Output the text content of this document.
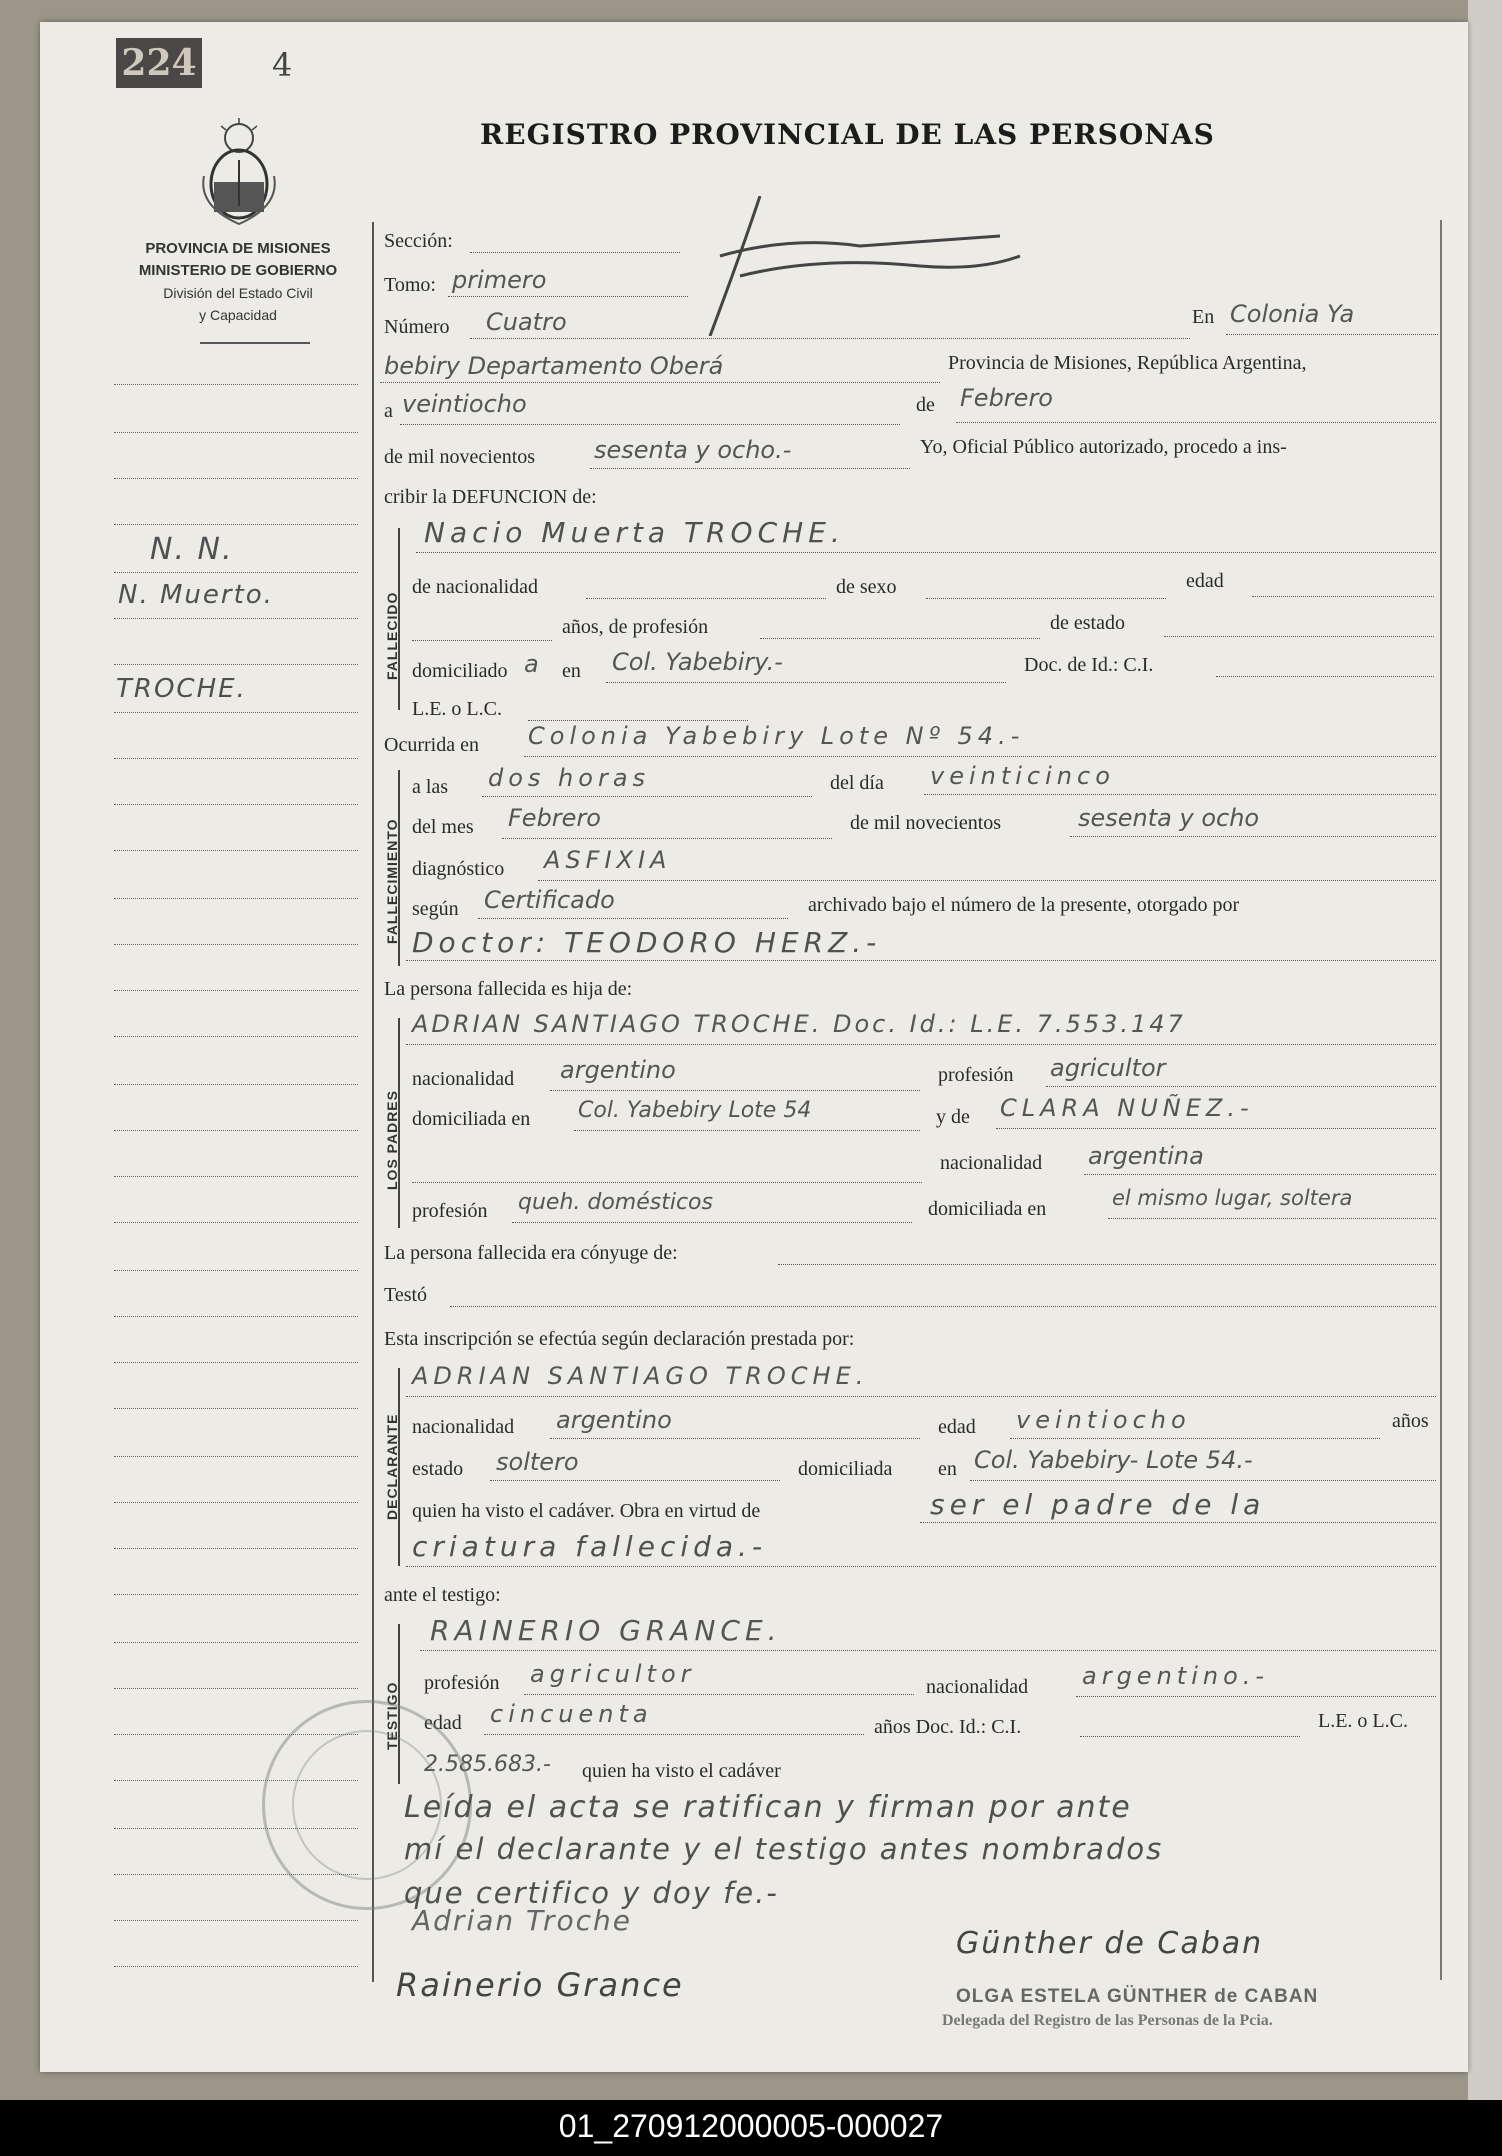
224 4
REGISTRO PROVINCIAL DE LAS PERSONAS
PROVINCIA DE MISIONES
MINISTERIO DE GOBIERNO
División del Estado Civil
y Capacidad
N. N.
N. Muerto.
TROCHE.
Sección:
Tomo: primero
Número Cuatro	En Colonia Ya
bebiry Departamento Oberá	Provincia de Misiones, República Argentina,
a veintiocho	de Febrero
de mil novecientos sesenta y ocho.-	Yo, Oficial Público autorizado, procedo a ins-
cribir la DEFUNCION de:
FALLECIDO
Nacio Muerta TROCHE.
de nacionalidad	de sexo	edad
años, de profesión	de estado
domiciliado a en Col. Yabebiry.-	Doc. de Id.: C.I.
L.E. o L.C.
Ocurrida en Colonia Yabebiry Lote Nº 54.-
FALLECIMIENTO
a las dos horas	del día veinticinco
del mes Febrero	de mil novecientos	sesenta y ocho
diagnóstico ASFIXIA
según Certificado	archivado bajo el número de la presente, otorgado por
Doctor: TEODORO HERZ.-
La persona fallecida es hija de:
LOS PADRES
ADRIAN SANTIAGO TROCHE. Doc. Id.: L.E. 7.553.147
nacionalidad argentino	profesión agricultor
domiciliada en Col. Yabebiry Lote 54	y de CLARA NUÑEZ.-
nacionalidad argentina
profesión queh. domésticos	domiciliada en	el mismo lugar, soltera
La persona fallecida era cónyuge de:
Testó
Esta inscripción se efectúa según declaración prestada por:
DECLARANTE
ADRIAN SANTIAGO TROCHE.
nacionalidad argentino	edad veintiocho	años
estado soltero	domiciliada en Col. Yabebiry- Lote 54.-
quien ha visto el cadáver. Obra en virtud de	ser el padre de la
criatura fallecida.-
ante el testigo:
TESTIGO
RAINERIO GRANCE.
profesión agricultor	nacionalidad argentino.-
edad cincuenta	años Doc. Id.: C.I.	L.E. o L.C.
2.585.683.- quien ha visto el cadáver
Leída el acta se ratifican y firman por ante
mí el declarante y el testigo antes nombrados
que certifico y doy fe.-
Adrian Troche
Rainerio Grance
Günther de Caban
OLGA ESTELA GÜNTHER de CABAN
Delegada del Registro de las Personas de la Pcia.
01_270912000005-000027
